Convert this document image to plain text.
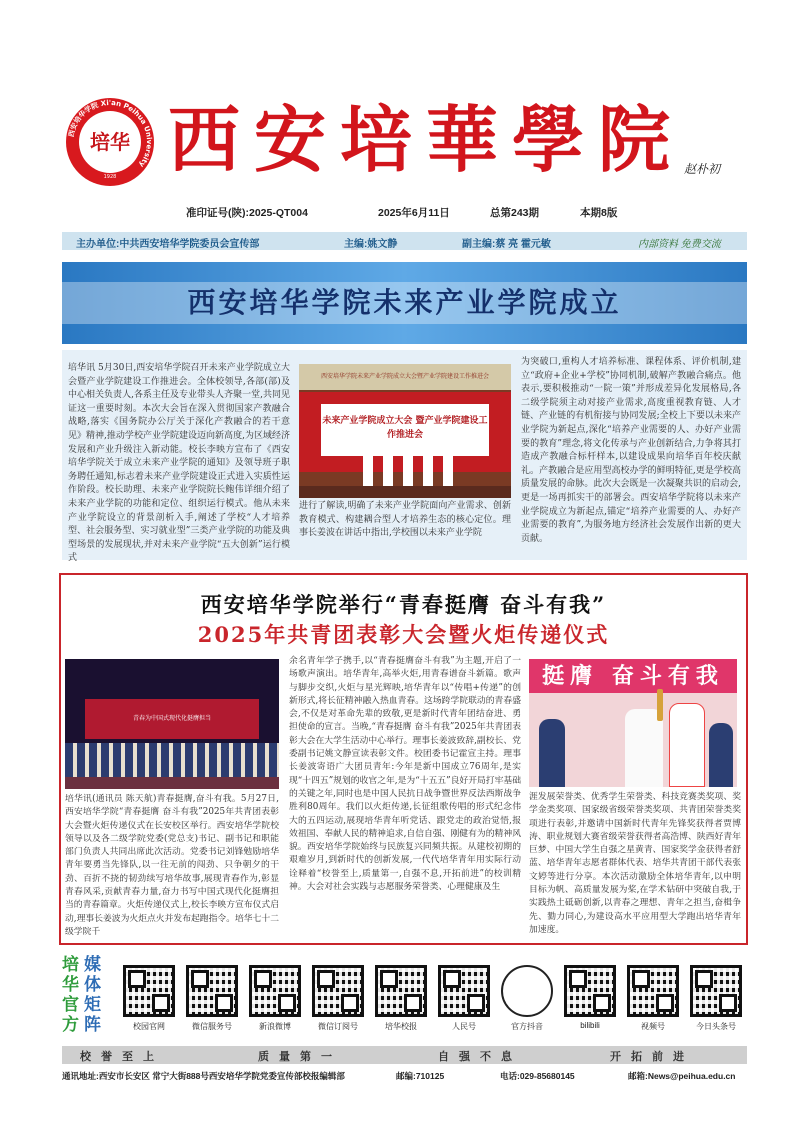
培华
西安培华学院 Xi'an Peihua University
1928 西安培華學院 赵朴初
准印证号(陕):2025-QT004	2025年6月11日	总第243期	本期8版
主办单位:中共西安培华学院委员会宣传部	主编:姚文静	副主编:蔡 亮 霍元敏	内部资料 免费交流
西安培华学院未来产业学院成立
培华讯 5月30日,西安培华学院召开未来产业学院成立大会暨产业学院建设工作推进会。全体校领导,各部(部)及中心相关负责人,各系主任及专业带头人齐聚一堂,共同见证这一重要时刻。本次大会旨在深入贯彻国家产教融合战略,落实《国务院办公厅关于深化产教融合的若干意见》精神,推动学校产业学院建设迈向新高度,为区域经济发展和产业升级注入新动能。校长李映方宣布了《西安培华学院关于成立未来产业学院的通知》及领导班子职务聘任通知,标志着未来产业学院建设正式进入实质性运作阶段。校长助理、未来产业学院院长鲍伟详细介绍了未来产业学院的功能和定位、组织运行模式。他从未来产业学院设立的背景剖析入手,阐述了学校“人才培养型、社会服务型、实习就业型”三类产业学院的功能及典型场景的发展现状,并对未来产业学院“五大创新”运行模式
西安培华学院未来产业学院成立大会暨产业学院建设工作推进会
未来产业学院成立大会 暨产业学院建设工作推进会
进行了解读,明确了未来产业学院面向产业需求、创新教育模式、构建耦合型人才培养生态的核心定位。理事长姜波在讲话中指出,学校围以未来产业学院
为突破口,重构人才培养标准、课程体系、评价机制,建立“政府+企业+学校”协同机制,破解产教融合痛点。他表示,要积极推动“一院一策”并形成差异化发展格局,各二级学院须主动对接产业需求,高度重视教育链、人才链、产业链的有机衔接与协同发展;全校上下要以未来产业学院为新起点,深化“培养产业需要的人、办好产业需要的教育”理念,将文化传承与产业创新结合,力争将其打造成产教融合标杆样本,以建设成果向培华百年校庆献礼。产教融合是应用型高校办学的鲜明特征,更是学校高质量发展的命脉。此次大会既是一次凝聚共识的启动会,更是一场再抓实干的部署会。西安培华学院将以未来产业学院成立为新起点,锚定“培养产业需要的人、办好产业需要的教育”,为服务地方经济社会发展作出新的更大贡献。
西安培华学院举行“青春挺膺 奋斗有我”
2025年共青团表彰大会暨火炬传递仪式
青春为中国式现代化挺膺担当
培华讯(通讯员 陈天航)青春挺膺,奋斗有我。5月27日,西安培华学院“青春挺膺 奋斗有我”2025年共青团表彰大会暨火炬传递仪式在长安校区举行。西安培华学院校领导以及各二级学院党委(党总支)书记、副书记和职能部门负责人共同出席此次活动。党委书记刘锋勉励培华青年要勇当先锋队,以一往无前的闯劲、只争朝夕的干劲、百折不挠的韧劲续写培华故事,展现青春作为,彰显青春风采,贡献青春力量,奋力书写中国式现代化挺膺担当的青春篇章。火炬传递仪式上,校长李映方宣布仪式启动,理事长姜波为火炬点火并发布起跑指令。培华七十二级学院千
余名青年学子携手,以“青春挺膺奋斗有我”为主题,开启了一场歌声演出。培华青年,高举火炬,用青春谱奋斗新篇。歌声与脚步交织,火炬与星光辉映,培华青年以“传唱+传递”的创新形式,将长征精神融入热血青春。这场跨学院联动的青春盛会,不仅是对革命先辈的致敬,更是新时代青年团结奋进、勇担使命的宣言。当晚,“青春挺膺 奋斗有我”2025年共青团表彰大会在大学生活动中心举行。理事长姜波致辞,副校长、党委副书记姚文静宣读表彰文件。校团委书记霍宣主持。理事长姜波寄语广大团员青年:今年是新中国成立76周年,是实现“十四五”规划的收官之年,是为“十五五”良好开局打牢基础的关键之年,同时也是中国人民抗日战争暨世界反法西斯战争胜利80周年。我们以火炬传递,长征组歌传唱的形式纪念伟大的五四运动,展现培华青年听党话、跟党走的政治觉悟,报效祖国、奉献人民的精神追求,自信自强、刚健有为的精神风貌。西安培华学院始终与民族复兴同频共振。从建校初期的艰难岁月,到新时代的创新发展,一代代培华青年用实际行动诠释着“校誉至上,质量第一,自强不息,开拓前进”的校训精神。大会对社会实践与志愿服务荣誉类、心理健康及生
挺膺 奋斗有我
涯发展荣誉类、优秀学生荣誉类、科技竞赛类奖项、奖学金类奖项、国家级省级荣誉类奖项、共青团荣誉类奖项进行表彰,并邀请中国新时代青年先锋奖获得者贾博涛、职业规划大赛省级荣誉获得者高浩博、陕西好青年巨梦、中国大学生自强之星黄青、国家奖学金获得者舒蓝、培华青年志愿者群体代表、培华共青团干部代表张文婷等进行分享。本次活动激励全体培华青年,以申明目标为帆、高质量发展为桨,在学术钻研中突破自我,于实践热土砥砺创新,以青春之理想、青年之担当,奋楫争先、勠力同心,为建设高水平应用型大学跑出培华青年加速度。
培华官方
媒体矩阵	校园官网	微信服务号	新浪微博	微信订阅号	培华校报	人民号	官方抖音	bilibili	视频号	今日头条号
校誉至上	质量第一	自强不息	开拓前进
通讯地址:西安市长安区 常宁大街888号西安培华学院党委宣传部校报编辑部	邮编:710125	电话:029-85680145	邮箱:News@peihua.edu.cn
